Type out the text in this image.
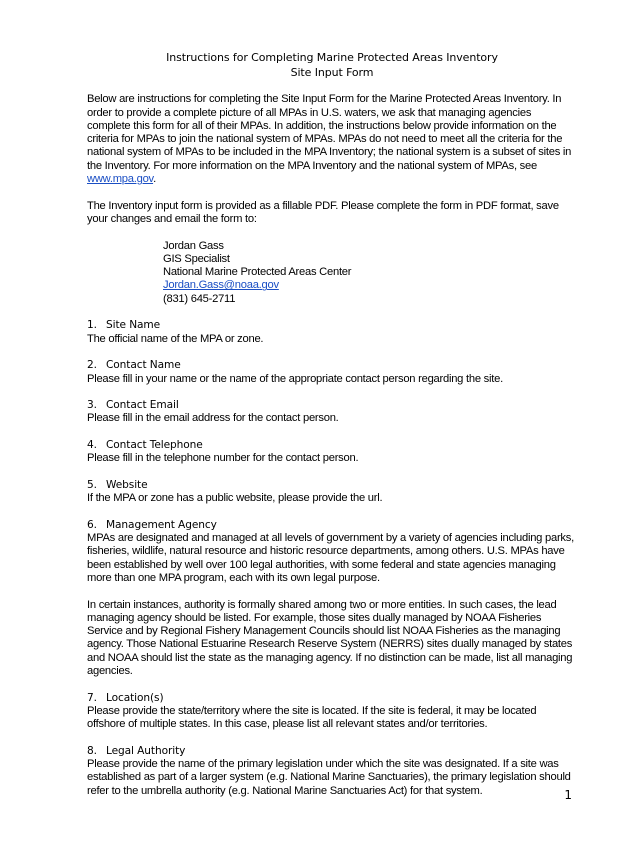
Instructions for Completing Marine Protected Areas Inventory
Site Input Form

Below are instructions for completing the Site Input Form for the Marine Protected Areas Inventory. In order to provide a complete picture of all MPAs in U.S. waters, we ask that managing agencies complete this form for all of their MPAs. In addition, the instructions below provide information on the criteria for MPAs to join the national system of MPAs. MPAs do not need to meet all the criteria for the national system of MPAs to be included in the MPA Inventory; the national system is a subset of sites in the Inventory. For more information on the MPA Inventory and the national system of MPAs, see www.mpa.gov.

The Inventory input form is provided as a fillable PDF. Please complete the form in PDF format, save your changes and email the form to:

Jordan Gass
GIS Specialist
National Marine Protected Areas Center
Jordan.Gass@noaa.gov
(831) 645-2711
1. Site Name

The official name of the MPA or zone.

2. Contact Name

Please fill in your name or the name of the appropriate contact person regarding the site.

3. Contact Email

Please fill in the email address for the contact person.

4. Contact Telephone

Please fill in the telephone number for the contact person.

5. Website

If the MPA or zone has a public website, please provide the url.

6. Management Agency

MPAs are designated and managed at all levels of government by a variety of agencies including parks, fisheries, wildlife, natural resource and historic resource departments, among others. U.S. MPAs have been established by well over 100 legal authorities, with some federal and state agencies managing more than one MPA program, each with its own legal purpose.

In certain instances, authority is formally shared among two or more entities. In such cases, the lead managing agency should be listed. For example, those sites dually managed by NOAA Fisheries Service and by Regional Fishery Management Councils should list NOAA Fisheries as the managing agency. Those National Estuarine Research Reserve System (NERRS) sites dually managed by states and NOAA should list the state as the managing agency. If no distinction can be made, list all managing agencies.

7. Location(s)

Please provide the state/territory where the site is located. If the site is federal, it may be located offshore of multiple states. In this case, please list all relevant states and/or territories.

8. Legal Authority

Please provide the name of the primary legislation under which the site was designated. If a site was established as part of a larger system (e.g. National Marine Sanctuaries), the primary legislation should refer to the umbrella authority (e.g. National Marine Sanctuaries Act) for that system.	1
